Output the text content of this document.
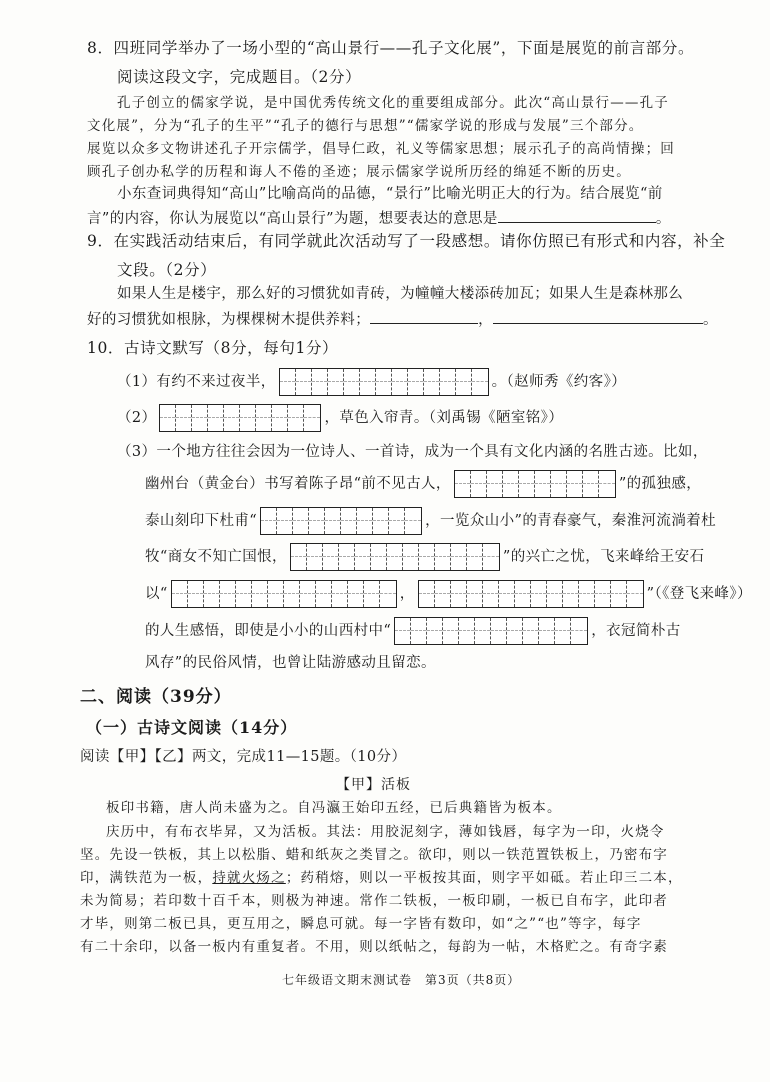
8．四班同学举办了一场小型的“高山景行——孔子文化展”，下面是展览的前言部分。
阅读这段文字，完成题目。（2分）
孔子创立的儒家学说，是中国优秀传统文化的重要组成部分。此次“高山景行——孔子
文化展”，分为“孔子的生平”“孔子的德行与思想”“儒家学说的形成与发展”三个部分。
展览以众多文物讲述孔子开宗儒学，倡导仁政，礼义等儒家思想；展示孔子的高尚情操；回
顾孔子创办私学的历程和诲人不倦的圣迹；展示儒家学说所历经的绵延不断的历史。
小东查词典得知“高山”比喻高尚的品德，“景行”比喻光明正大的行为。结合展览“前
言”的内容，你认为展览以“高山景行”为题，想要表达的意思是	。
9．在实践活动结束后，有同学就此次活动写了一段感想。请你仿照已有形式和内容，补全
文段。（2分）
如果人生是楼宇，那么好的习惯犹如青砖，为幢幢大楼添砖加瓦；如果人生是森林那么
好的习惯犹如根脉，为棵棵树木提供养料；	，	。
10．古诗文默写（8分，每句1分）
（1）有约不来过夜半，	。（赵师秀《约客》）
（2）	，草色入帘青。（刘禹锡《陋室铭》）
（3）一个地方往往会因为一位诗人、一首诗，成为一个具有文化内涵的名胜古迹。比如，
幽州台（黄金台）书写着陈子昂“前不见古人，	”的孤独感，
泰山刻印下杜甫“	，一览众山小”的青春豪气，秦淮河流淌着杜
牧“商女不知亡国恨，	”的兴亡之忧，飞来峰给王安石
以“	，	”（《登飞来峰》）
的人生感悟，即使是小小的山西村中“	，衣冠简朴古
风存”的民俗风情，也曾让陆游感动且留恋。
二、阅读（39分）
（一）古诗文阅读（14分）
阅读【甲】【乙】两文，完成11—15题。（10分）
【甲】活板
板印书籍，唐人尚未盛为之。自冯瀛王始印五经，已后典籍皆为板本。
庆历中，有布衣毕昇，又为活板。其法：用胶泥刻字，薄如钱唇，每字为一印，火烧令
坚。先设一铁板，其上以松脂、蜡和纸灰之类冒之。欲印，则以一铁范置铁板上，乃密布字
印，满铁范为一板，持就火炀之；药稍熔，则以一平板按其面，则字平如砥。若止印三二本，
未为简易；若印数十百千本，则极为神速。常作二铁板，一板印刷，一板已自布字，此印者
才毕，则第二板已具，更互用之，瞬息可就。每一字皆有数印，如“之”“也”等字，每字
有二十余印，以备一板内有重复者。不用，则以纸帖之，每韵为一帖，木格贮之。有奇字素
七年级语文期末测试卷　第3页（共8页）
